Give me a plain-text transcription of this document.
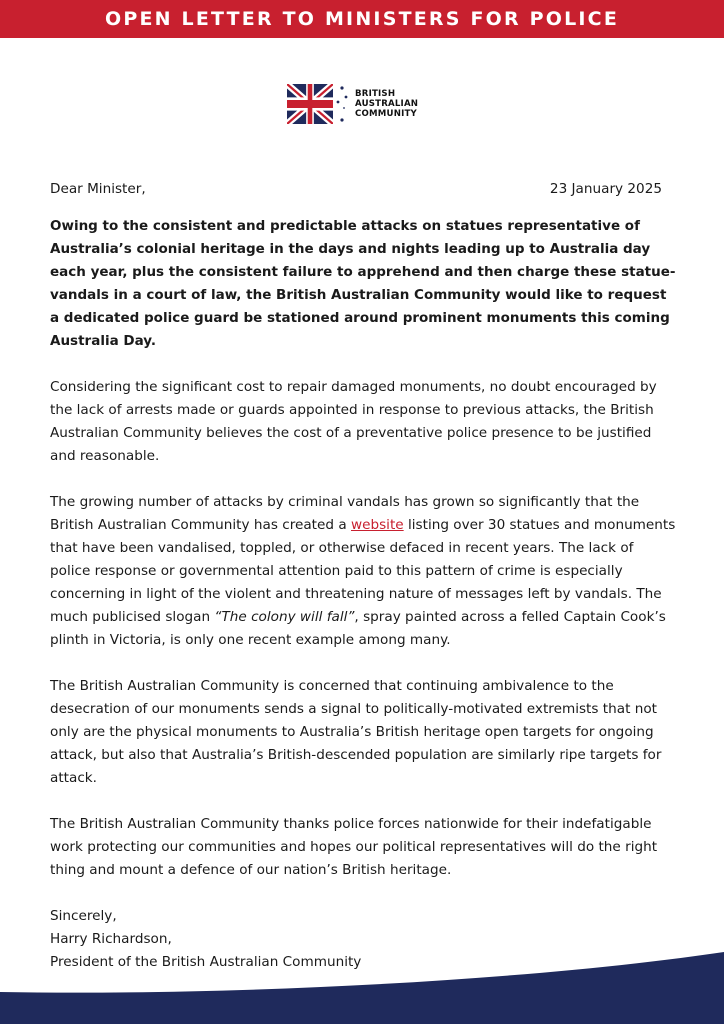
OPEN LETTER TO MINISTERS FOR POLICE
BRITISH
AUSTRALIAN
COMMUNITY
Dear Minister,	23 January 2025

Owing to the consistent and predictable attacks on statues representative of Australia’s colonial heritage in the days and nights leading up to Australia day each year, plus the consistent failure to apprehend and then charge these statue-vandals in a court of law, the British Australian Community would like to request a dedicated police guard be stationed around prominent monuments this coming Australia Day.

Considering the significant cost to repair damaged monuments, no doubt encouraged by the lack of arrests made or guards appointed in response to previous attacks, the British Australian Community believes the cost of a preventative police presence to be justified and reasonable.

The growing number of attacks by criminal vandals has grown so significantly that the British Australian Community has created a website listing over 30 statues and monuments that have been vandalised, toppled, or otherwise defaced in recent years. The lack of police response or governmental attention paid to this pattern of crime is especially concerning in light of the violent and threatening nature of messages left by vandals. The much publicised slogan “The colony will fall”, spray painted across a felled Captain Cook’s plinth in Victoria, is only one recent example among many.

The British Australian Community is concerned that continuing ambivalence to the desecration of our monuments sends a signal to politically-motivated extremists that not only are the physical monuments to Australia’s British heritage open targets for ongoing attack, but also that Australia’s British-descended population are similarly ripe targets for attack.

The British Australian Community thanks police forces nationwide for their indefatigable work protecting our communities and hopes our political representatives will do the right thing and mount a defence of our nation’s British heritage.

Sincerely,
Harry Richardson,
President of the British Australian Community
